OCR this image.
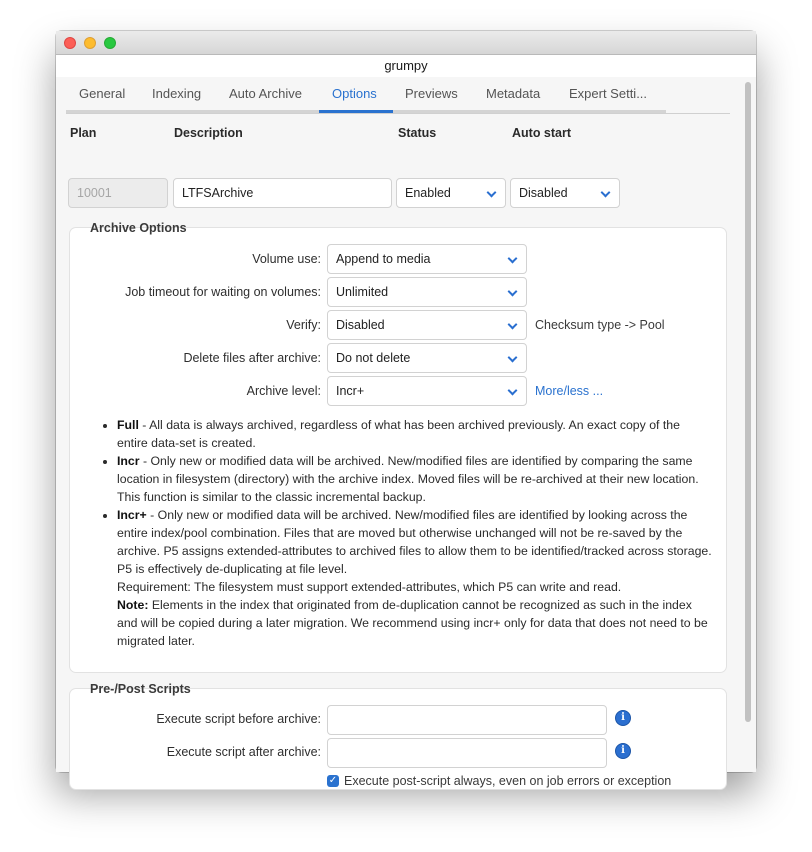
grumpy
General Indexing Auto Archive Options Previews Metadata Expert Setti...
Plan	Description	Status	Auto start
10001	LTFSArchive	Enabled	Disabled
Archive Options
Volume use:	Append to media
Job timeout for waiting on volumes:	Unlimited
Verify:	Disabled	Checksum type -> Pool
Delete files after archive:	Do not delete
Archive level:	Incr+	More/less ...
• Full - All data is always archived, regardless of what has been archived previously. An exact copy of the entire data-set is created.
• Incr - Only new or modified data will be archived. New/modified files are identified by comparing the same location in filesystem (directory) with the archive index. Moved files will be re-archived at their new location. This function is similar to the classic incremental backup.
• Incr+ - Only new or modified data will be archived. New/modified files are identified by looking across the entire index/pool combination. Files that are moved but otherwise unchanged will not be re-saved by the archive. P5 assigns extended-attributes to archived files to allow them to be identified/tracked across storage. P5 is effectively de-duplicating at file level.
Requirement: The filesystem must support extended-attributes, which P5 can write and read.
Note: Elements in the index that originated from de-duplication cannot be recognized as such in the index and will be copied during a later migration. We recommend using incr+ only for data that does not need to be migrated later.
Pre-/Post Scripts
Execute script before archive:	i
Execute script after archive:	i
✓ Execute post-script always, even on job errors or exception
